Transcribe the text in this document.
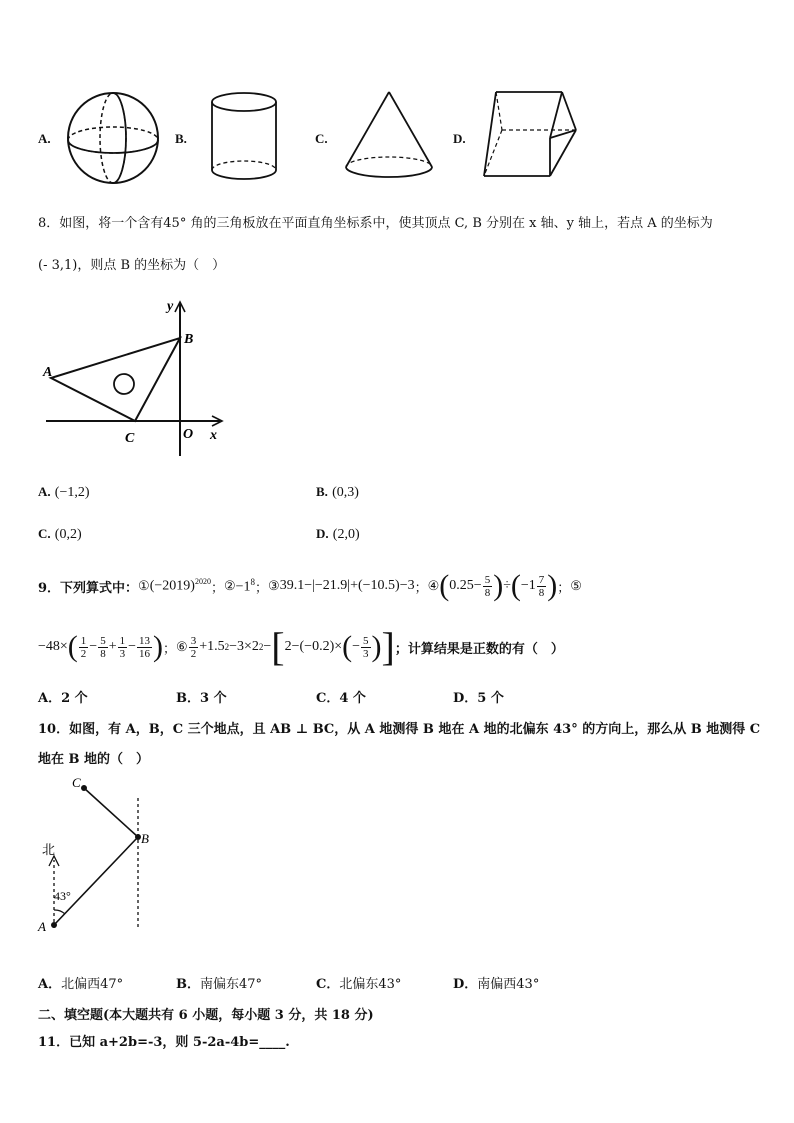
A.	B.	C.	D.
8．如图，将一个含有45° 角的三角板放在平面直角坐标系中，使其顶点 C, B 分别在 x 轴、y 轴上，若点 A 的坐标为
(- 3,1)，则点 B 的坐标为（　）
A
B
C	O x
y
A. (−1,2)	B. (0,3)
C. (0,2)	D. (2,0)
9．下列算式中： ① $(-2019)^{2020}$ ； ② $-1^8$ ； ③ 39.1−|−21.9|+(−10.5)−3 ； ④ ( $0.25- \frac{5}{8}$ ) ÷ ( $-1 \frac{7}{8}$ ) ； ⑤
−48× ( $\frac{1}{2} - \frac{5}{8} + \frac{1}{3} - \frac{13}{16}$ ) ； ⑥ $\frac{3}{2} +1.5$ 2 −3×2 2 − [ 2−(−0.2)× ( − $\frac{5}{3}$ ) ] ；计算结果是正数的有（　）
A．2 个	B．3 个	C．4 个	D．5 个
10．如图，有 A，B，C 三个地点，且 AB ⊥ BC，从 A 地测得 B 地在 A 地的北偏东 43° 的方向上，那么从 B 地测得 C
地在 B 地的（　）
C
B
A
北
43°
A．北偏西47°	B．南偏东47°	C．北偏东43°	D．南偏西43°
二、填空题(本大题共有 6 小题，每小题 3 分，共 18 分)
11．已知 a+2b=-3，则 5-2a-4b=____.
